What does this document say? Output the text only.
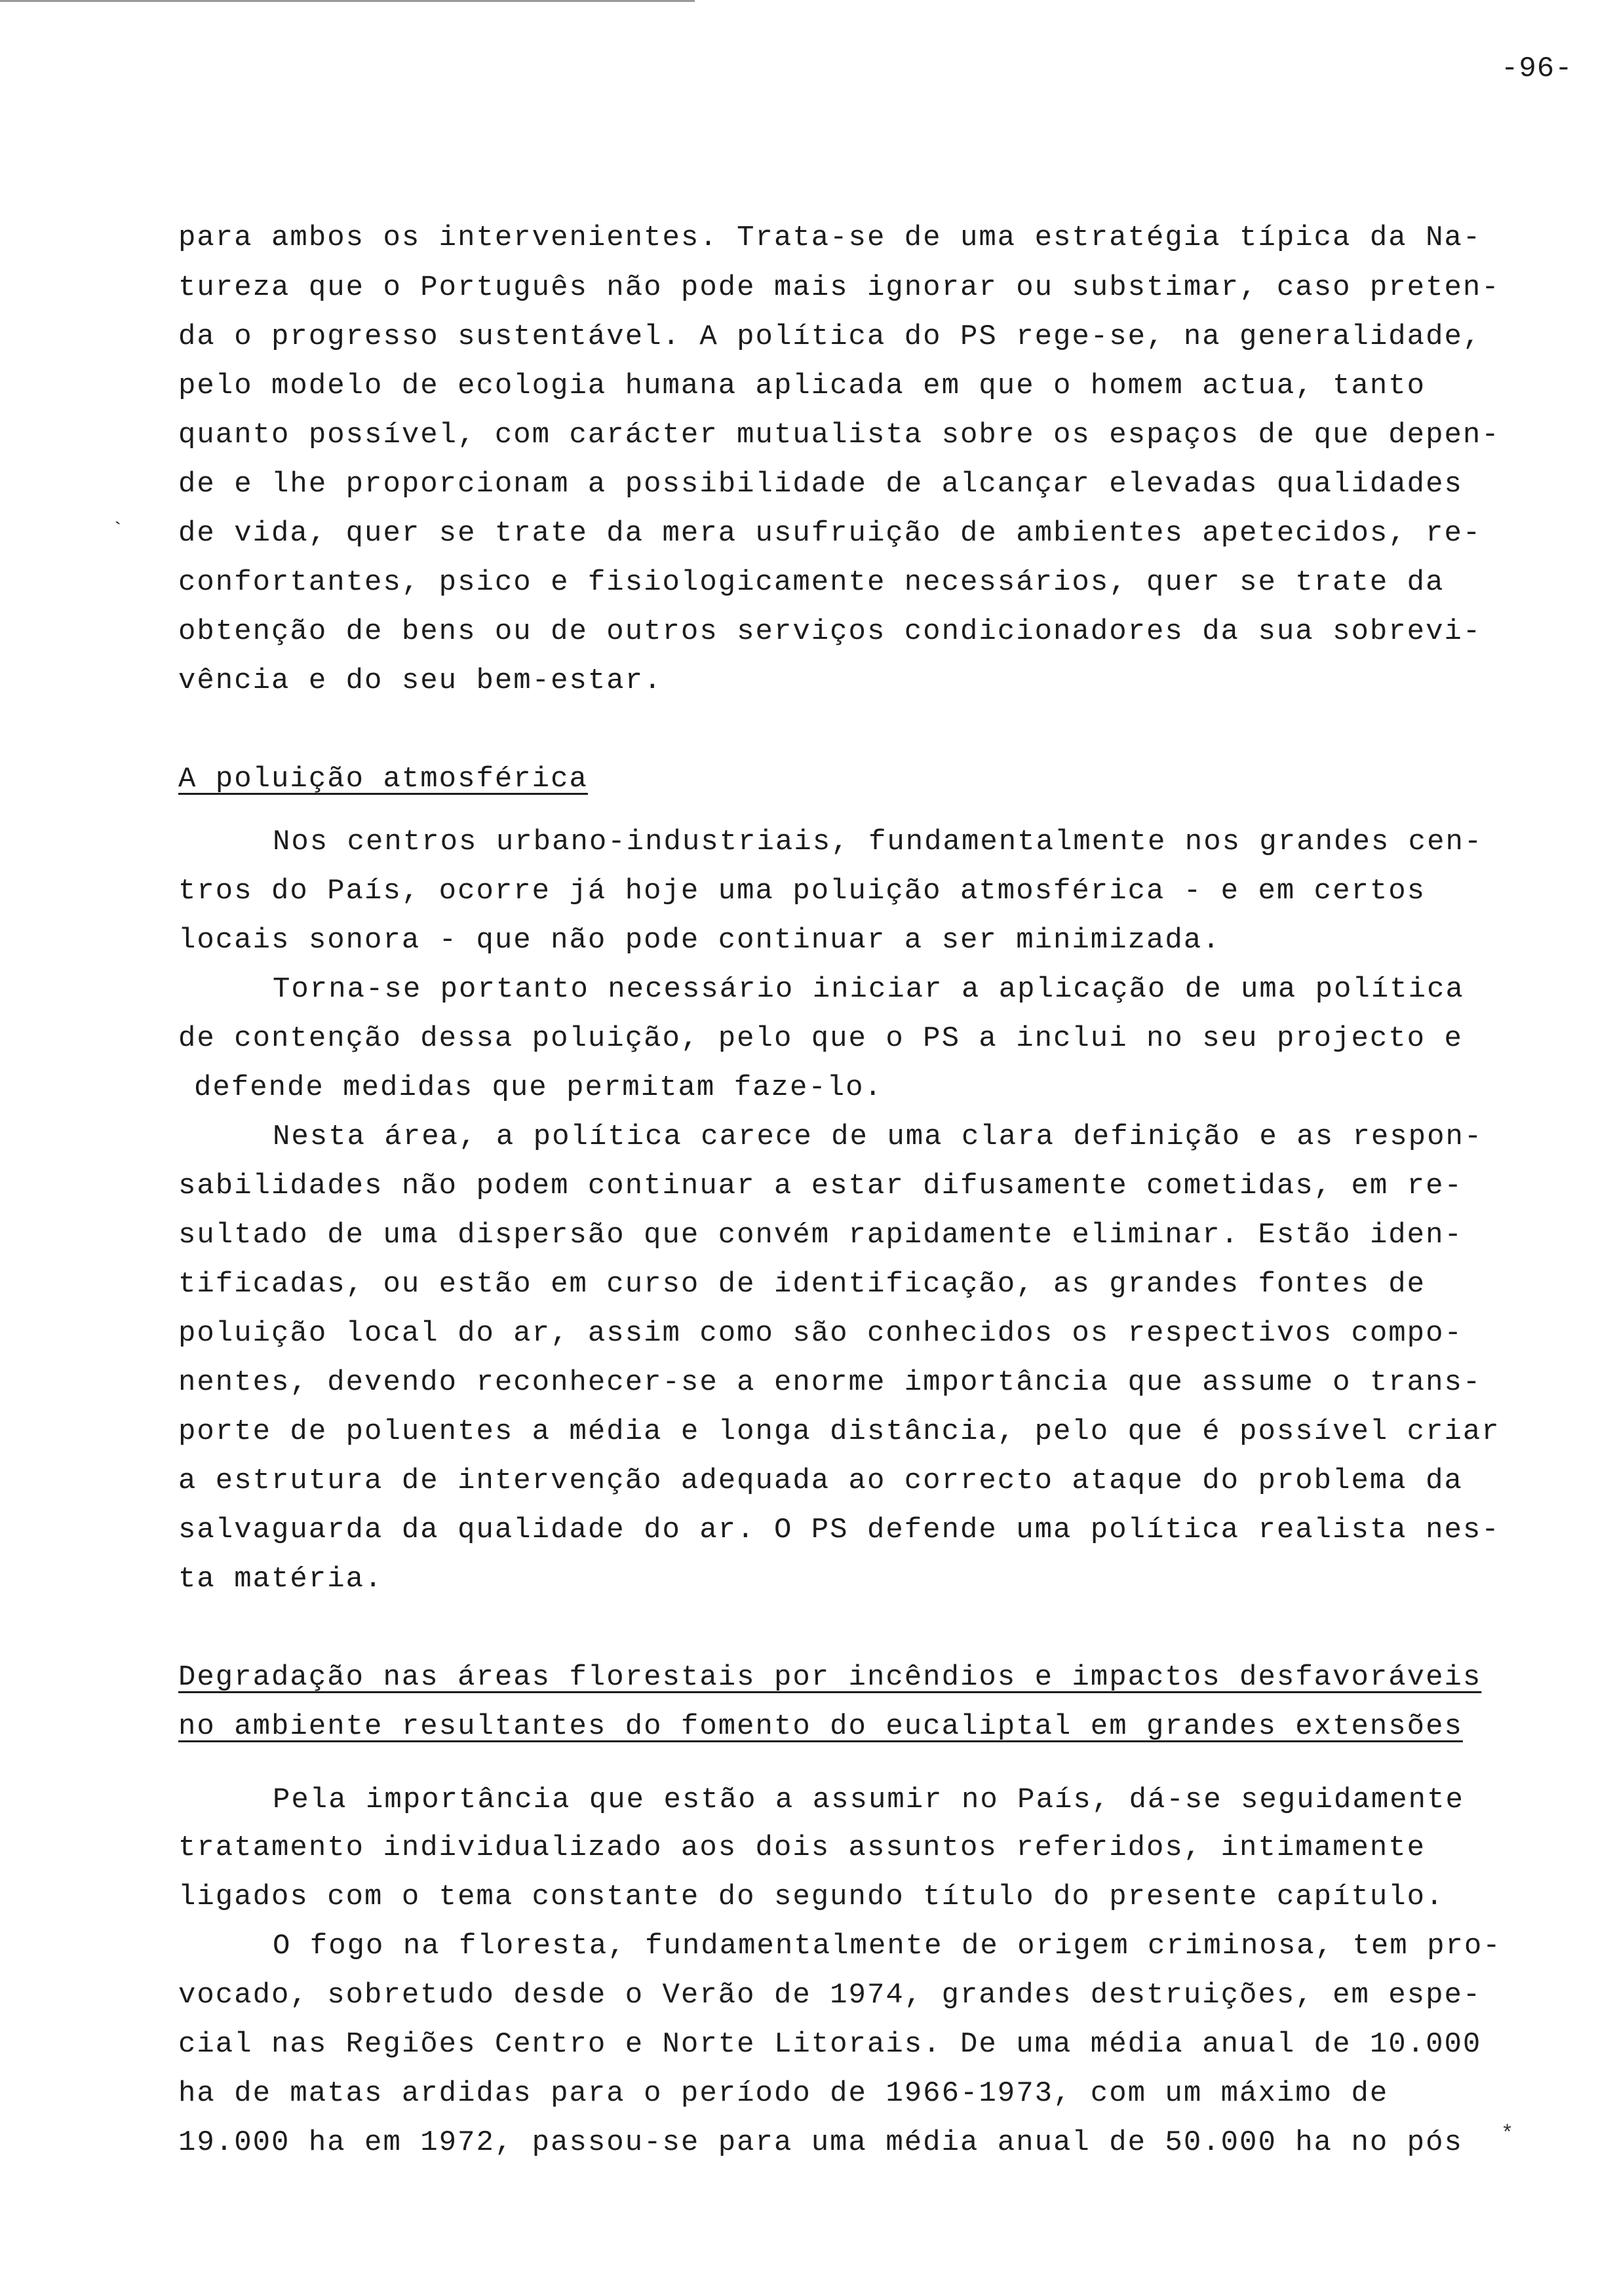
-96-
`
*
para ambos os intervenientes. Trata-se de uma estratégia típica da Na-
tureza que o Português não pode mais ignorar ou substimar, caso preten-
da o progresso sustentável. A política do PS rege-se, na generalidade,
pelo modelo de ecologia humana aplicada em que o homem actua, tanto
quanto possível, com carácter mutualista sobre os espaços de que depen-
de e lhe proporcionam a possibilidade de alcançar elevadas qualidades
de vida, quer se trate da mera usufruição de ambientes apetecidos, re-
confortantes, psico e fisiologicamente necessários, quer se trate da
obtenção de bens ou de outros serviços condicionadores da sua sobrevi-
vência e do seu bem-estar.
A poluição atmosférica
Nos centros urbano-industriais, fundamentalmente nos grandes cen-
tros do País, ocorre já hoje uma poluição atmosférica - e em certos
locais sonora - que não pode continuar a ser minimizada.
Torna-se portanto necessário iniciar a aplicação de uma política
de contenção dessa poluição, pelo que o PS a inclui no seu projecto e
defende medidas que permitam faze-lo.
Nesta área, a política carece de uma clara definição e as respon-
sabilidades não podem continuar a estar difusamente cometidas, em re-
sultado de uma dispersão que convém rapidamente eliminar. Estão iden-
tificadas, ou estão em curso de identificação, as grandes fontes de
poluição local do ar, assim como são conhecidos os respectivos compo-
nentes, devendo reconhecer-se a enorme importância que assume o trans-
porte de poluentes a média e longa distância, pelo que é possível criar
a estrutura de intervenção adequada ao correcto ataque do problema da
salvaguarda da qualidade do ar. O PS defende uma política realista nes-
ta matéria.
Degradação nas áreas florestais por incêndios e impactos desfavoráveis
no ambiente resultantes do fomento do eucaliptal em grandes extensões
Pela importância que estão a assumir no País, dá-se seguidamente
tratamento individualizado aos dois assuntos referidos, intimamente
ligados com o tema constante do segundo título do presente capítulo.
O fogo na floresta, fundamentalmente de origem criminosa, tem pro-
vocado, sobretudo desde o Verão de 1974, grandes destruições, em espe-
cial nas Regiões Centro e Norte Litorais. De uma média anual de 10.000
ha de matas ardidas para o período de 1966-1973, com um máximo de
19.000 ha em 1972, passou-se para uma média anual de 50.000 ha no pós
